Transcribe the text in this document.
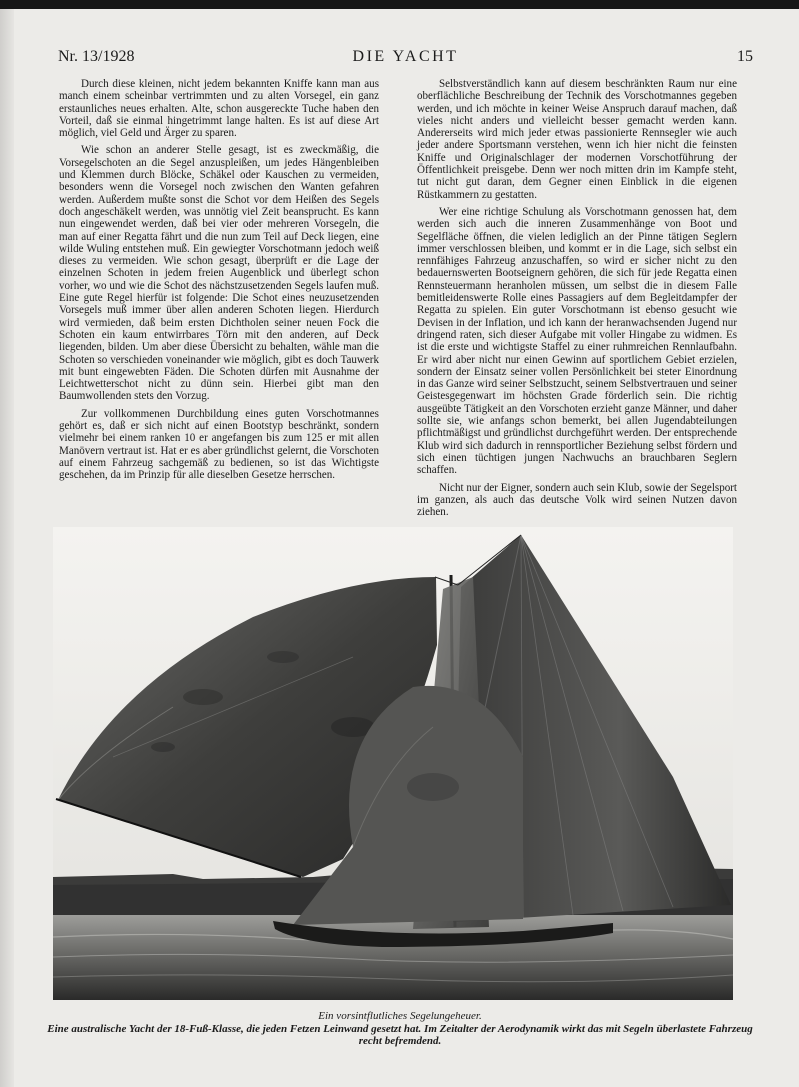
Nr. 13/1928	DIE YACHT	15

Durch diese kleinen, nicht jedem bekannten Kniffe kann man aus manch einem scheinbar vertrimmten und zu alten Vorsegel, ein ganz erstaunliches neues erhalten. Alte, schon ausgereckte Tuche haben den Vorteil, daß sie einmal hingetrimmt lange halten. Es ist auf diese Art möglich, viel Geld und Ärger zu sparen.

Wie schon an anderer Stelle gesagt, ist es zweckmäßig, die Vorsegelschoten an die Segel anzuspleißen, um jedes Hängenbleiben und Klemmen durch Blöcke, Schäkel oder Kauschen zu vermeiden, besonders wenn die Vorsegel noch zwischen den Wanten gefahren werden. Außerdem mußte sonst die Schot vor dem Heißen des Segels doch angeschäkelt werden, was unnötig viel Zeit beansprucht. Es kann nun eingewendet werden, daß bei vier oder mehreren Vorsegeln, die man auf einer Regatta fährt und die nun zum Teil auf Deck liegen, eine wilde Wuling entstehen muß. Ein gewiegter Vorschotmann jedoch weiß dieses zu vermeiden. Wie schon gesagt, überprüft er die Lage der einzelnen Schoten in jedem freien Augenblick und überlegt schon vorher, wo und wie die Schot des nächstzusetzenden Segels laufen muß. Eine gute Regel hierfür ist folgende: Die Schot eines neuzusetzenden Vorsegels muß immer über allen anderen Schoten liegen. Hierdurch wird vermieden, daß beim ersten Dichtholen seiner neuen Fock die Schoten ein kaum entwirrbares Törn mit den anderen, auf Deck liegenden, bilden. Um aber diese Übersicht zu behalten, wähle man die Schoten so verschieden voneinander wie möglich, gibt es doch Tauwerk mit bunt eingewebten Fäden. Die Schoten dürfen mit Ausnahme der Leichtwetterschot nicht zu dünn sein. Hierbei gibt man den Baumwollenden stets den Vorzug.

Zur vollkommenen Durchbildung eines guten Vorschotmannes gehört es, daß er sich nicht auf einen Bootstyp beschränkt, sondern vielmehr bei einem ranken 10 er angefangen bis zum 125 er mit allen Manövern vertraut ist. Hat er es aber gründlichst gelernt, die Vorschoten auf einem Fahrzeug sachgemäß zu bedienen, so ist das Wichtigste geschehen, da im Prinzip für alle dieselben Gesetze herrschen.

Selbstverständlich kann auf diesem beschränkten Raum nur eine oberflächliche Beschreibung der Technik des Vorschotmannes gegeben werden, und ich möchte in keiner Weise Anspruch darauf machen, daß vieles nicht anders und vielleicht besser gemacht werden kann. Andererseits wird mich jeder etwas passionierte Rennsegler wie auch jeder andere Sportsmann verstehen, wenn ich hier nicht die feinsten Kniffe und Originalschlager der modernen Vorschotführung der Öffentlichkeit preisgebe. Denn wer noch mitten drin im Kampfe steht, tut nicht gut daran, dem Gegner einen Einblick in die eigenen Rüstkammern zu gestatten.

Wer eine richtige Schulung als Vorschotmann genossen hat, dem werden sich auch die inneren Zusammenhänge von Boot und Segelfläche öffnen, die vielen lediglich an der Pinne tätigen Seglern immer verschlossen bleiben, und kommt er in die Lage, sich selbst ein rennfähiges Fahrzeug anzuschaffen, so wird er sicher nicht zu den bedauernswerten Bootseignern gehören, die sich für jede Regatta einen Rennsteuermann heranholen müssen, um selbst die in diesem Falle bemitleidenswerte Rolle eines Passagiers auf dem Begleitdampfer der Regatta zu spielen. Ein guter Vorschotmann ist ebenso gesucht wie Devisen in der Inflation, und ich kann der heranwachsenden Jugend nur dringend raten, sich dieser Aufgabe mit voller Hingabe zu widmen. Es ist die erste und wichtigste Staffel zu einer ruhmreichen Rennlaufbahn. Er wird aber nicht nur einen Gewinn auf sportlichem Gebiet erzielen, sondern der Einsatz seiner vollen Persönlichkeit bei steter Einordnung in das Ganze wird seiner Selbstzucht, seinem Selbstvertrauen und seiner Geistesgegenwart im höchsten Grade förderlich sein. Die richtig ausgeübte Tätigkeit an den Vorschoten erzieht ganze Männer, und daher sollte sie, wie anfangs schon bemerkt, bei allen Jugendabteilungen pflichtmäßigst und gründlichst durchgeführt werden. Der entsprechende Klub wird sich dadurch in rennsportlicher Beziehung selbst fördern und sich einen tüchtigen jungen Nachwuchs an brauchbaren Seglern schaffen.

Nicht nur der Eigner, sondern auch sein Klub, sowie der Segelsport im ganzen, als auch das deutsche Volk wird seinen Nutzen davon ziehen.

Ein vorsintflutliches Segelungeheuer.
Eine australische Yacht der 18-Fuß-Klasse, die jeden Fetzen Leinwand gesetzt hat. Im Zeitalter der Aerodynamik wirkt das mit Segeln überlastete Fahrzeug recht befremdend.
